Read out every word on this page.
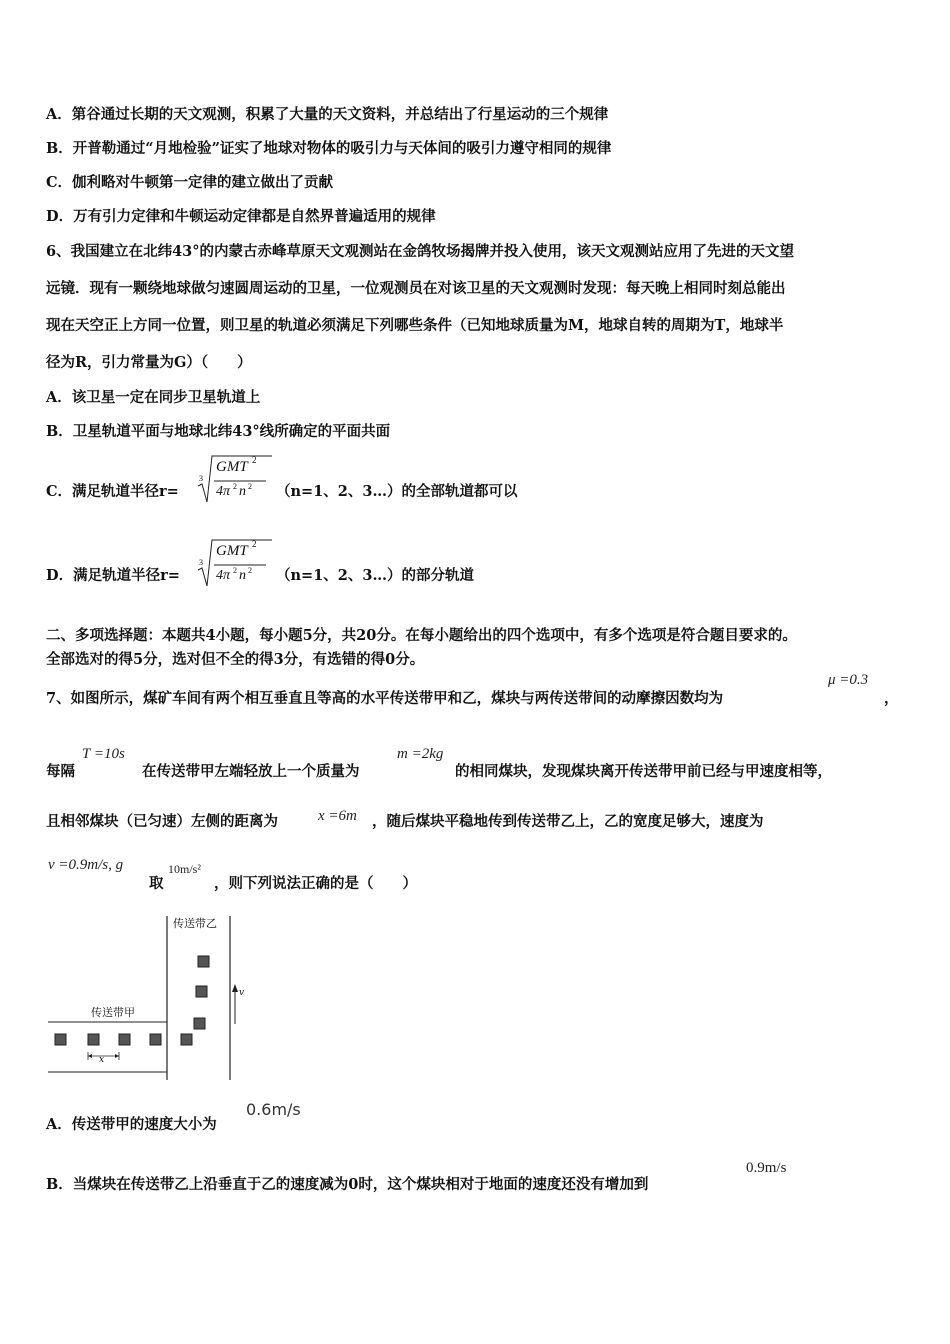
A．第谷通过长期的天文观测，积累了大量的天文资料，并总结出了行星运动的三个规律
B．开普勒通过“月地检验”证实了地球对物体的吸引力与天体间的吸引力遵守相同的规律
C．伽利略对牛顿第一定律的建立做出了贡献
D．万有引力定律和牛顿运动定律都是自然界普遍适用的规律
6、我国建立在北纬43°的内蒙古赤峰草原天文观测站在金鸽牧场揭牌并投入使用，该天文观测站应用了先进的天文望
远镜．现有一颗绕地球做匀速圆周运动的卫星，一位观测员在对该卫星的天文观测时发现：每天晚上相同时刻总能出
现在天空正上方同一位置，则卫星的轨道必须满足下列哪些条件（已知地球质量为M，地球自转的周期为T，地球半
径为R，引力常量为G）（　　）
A．该卫星一定在同步卫星轨道上
B．卫星轨道平面与地球北纬43°线所确定的平面共面
C．满足轨道半径r=
3
GMT 2
4π 2 n 2 （n=1、2、3…）的全部轨道都可以
D．满足轨道半径r=
3
GMT 2
4π 2 n 2 （n=1、2、3…）的部分轨道
二、多项选择题：本题共4小题，每小题5分，共20分。在每小题给出的四个选项中，有多个选项是符合题目要求的。
全部选对的得5分，选对但不全的得3分，有选错的得0分。
7、如图所示，煤矿车间有两个相互垂直且等高的水平传送带甲和乙，煤块与两传送带间的动摩擦因数均为
μ =0.3
，
每隔
T =10s
在传送带甲左端轻放上一个质量为
m =2kg
的相同煤块，发现煤块离开传送带甲前已经与甲速度相等，
且相邻煤块（已匀速）左侧的距离为	x =6m ，随后煤块平稳地传到传送带乙上，乙的宽度足够大，速度为
v =0.9m/s, g
取
10m/s²
，则下列说法正确的是（　　）
传送带乙
传送带甲
v
x
A．传送带甲的速度大小为
0.6m/s
B．当煤块在传送带乙上沿垂直于乙的速度减为0时，这个煤块相对于地面的速度还没有增加到
0.9m/s
